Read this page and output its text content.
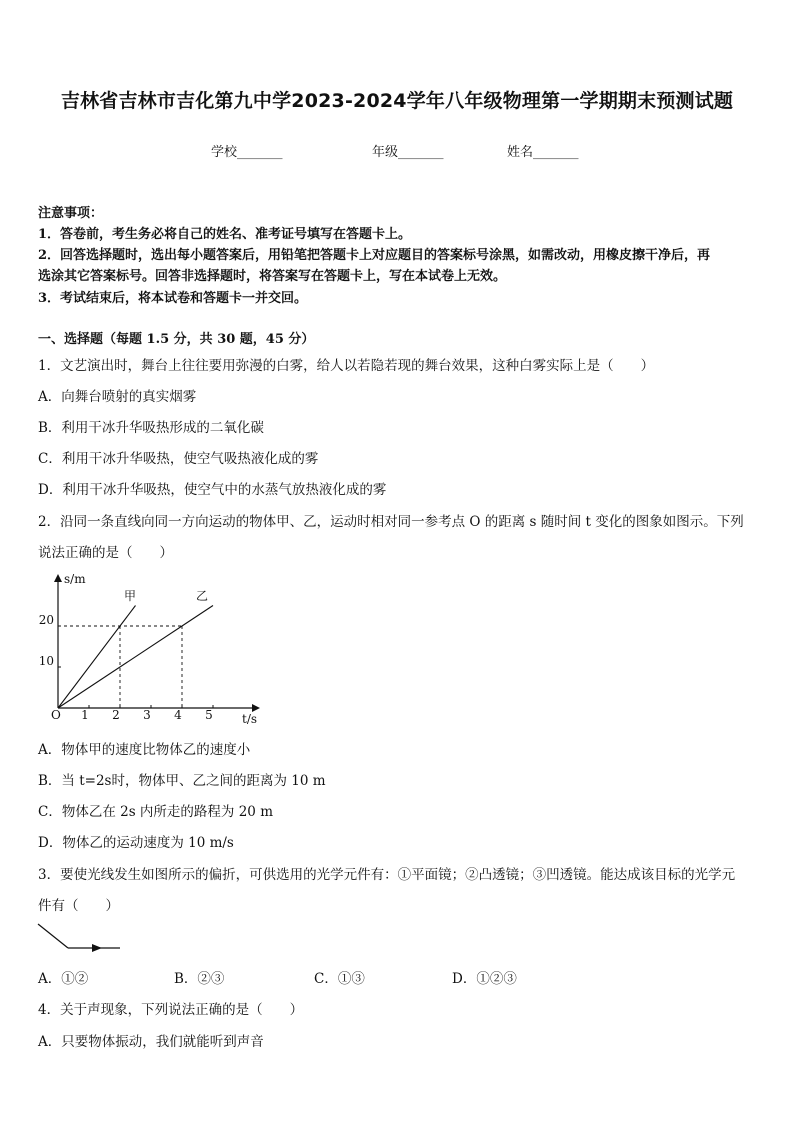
吉林省吉林市吉化第九中学2023-2024学年八年级物理第一学期期末预测试题
学校_______	年级_______	姓名_______
注意事项：
1．答卷前，考生务必将自己的姓名、准考证号填写在答题卡上。
2．回答选择题时，选出每小题答案后，用铅笔把答题卡上对应题目的答案标号涂黑，如需改动，用橡皮擦干净后，再
选涂其它答案标号。回答非选择题时，将答案写在答题卡上，写在本试卷上无效。
3．考试结束后，将本试卷和答题卡一并交回。
一、选择题（每题 1.5 分，共 30 题，45 分）
1．文艺演出时，舞台上往往要用弥漫的白雾，给人以若隐若现的舞台效果，这种白雾实际上是（　　）
A．向舞台喷射的真实烟雾
B．利用干冰升华吸热形成的二氧化碳
C．利用干冰升华吸热，使空气吸热液化成的雾
D．利用干冰升华吸热，使空气中的水蒸气放热液化成的雾
2．沿同一条直线向同一方向运动的物体甲、乙，运动时相对同一参考点 O 的距离 s 随时间 t 变化的图象如图示。下列
说法正确的是（　　）
s/m
t/s
O 1 2 3 4 5
10
20
甲	乙
A．物体甲的速度比物体乙的速度小
B．当 t=2s时，物体甲、乙之间的距离为 10 m
C．物体乙在 2s 内所走的路程为 20 m
D．物体乙的运动速度为 10 m/s
3．要使光线发生如图所示的偏折，可供选用的光学元件有：①平面镜；②凸透镜；③凹透镜。能达成该目标的光学元
件有（　　）
A．①②	B．②③	C．①③	D．①②③
4．关于声现象，下列说法正确的是（　　）
A．只要物体振动，我们就能听到声音
